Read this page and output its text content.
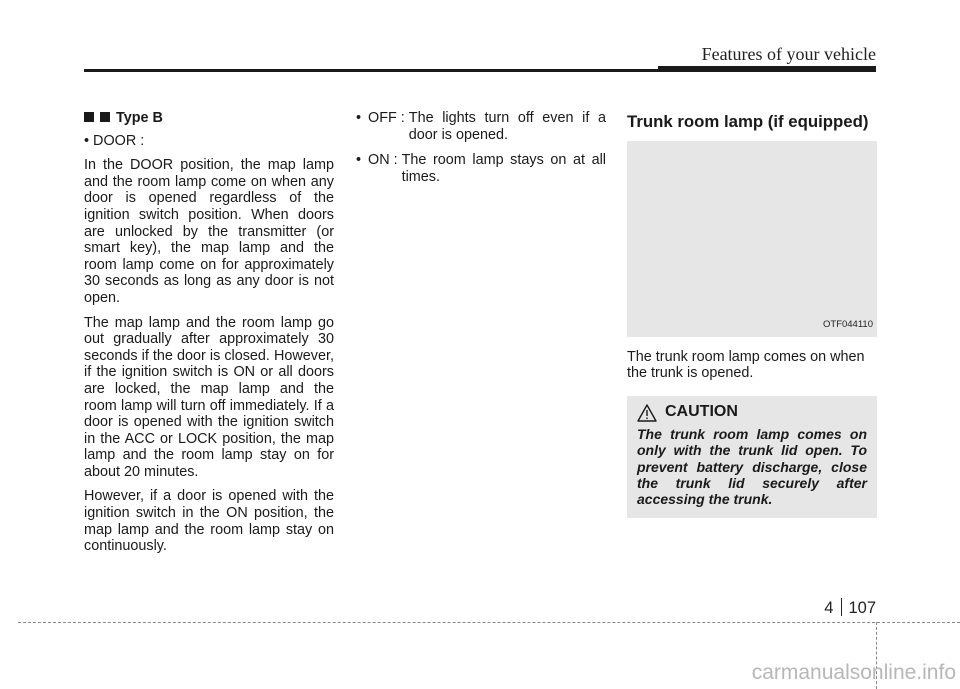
Features of your vehicle
Type B
• DOOR :

In the DOOR position, the map lamp and the room lamp come on when any door is opened regardless of the ignition switch position. When doors are unlocked by the transmitter (or smart key), the map lamp and the room lamp come on for approximately 30 seconds as long as any door is not open.

The map lamp and the room lamp go out gradually after approximately 30 seconds if the door is closed. However, if the ignition switch is ON or all doors are locked, the map lamp and the room lamp will turn off immediately. If a door is opened with the ignition switch in the ACC or LOCK position, the map lamp and the room lamp stay on for about 20 minutes.

However, if a door is opened with the ignition switch in the ON position, the map lamp and the room lamp stay on continuously.

• OFF : The lights turn off even if a door is opened.
• ON : The room lamp stays on at all times.
Trunk room lamp (if equipped)
OTF044110

The trunk room lamp comes on when the trunk is opened.

CAUTION
The trunk room lamp comes on only with the trunk lid open. To prevent battery discharge, close the trunk lid securely after accessing the trunk.
4 107
carmanualsonline.info
